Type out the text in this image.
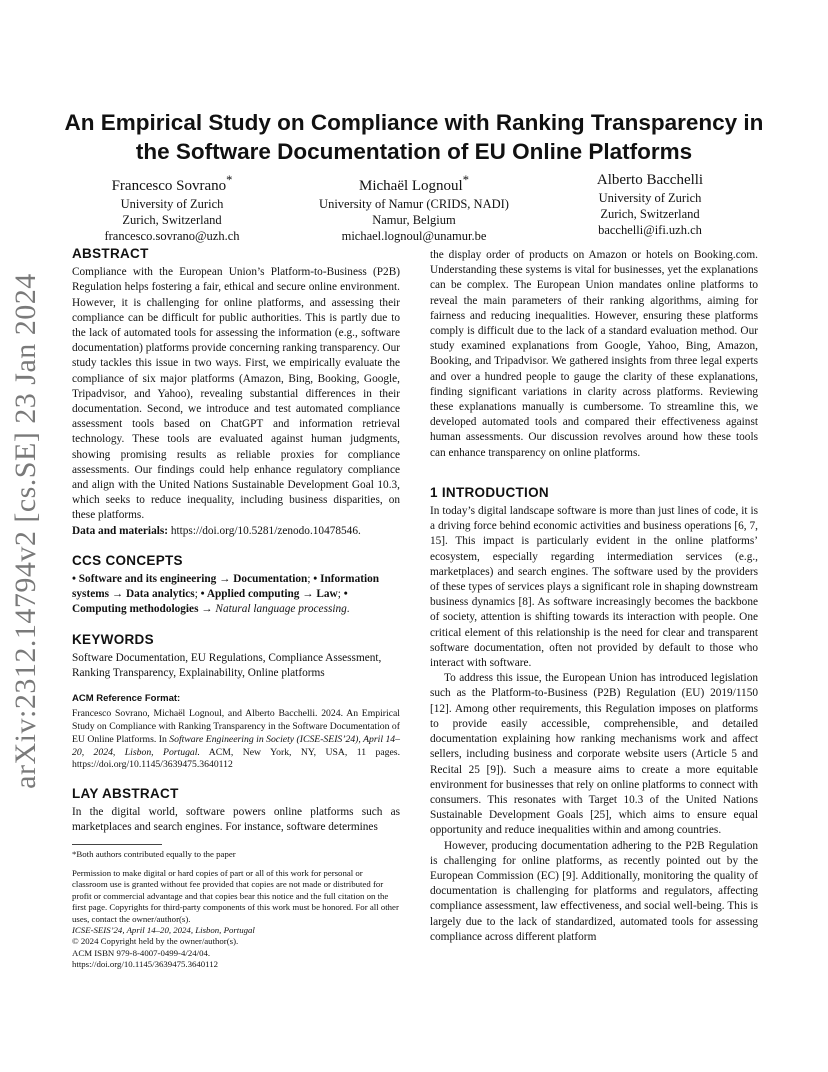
arXiv:2312.14794v2 [cs.SE] 23 Jan 2024
An Empirical Study on Compliance with Ranking Transparency in the Software Documentation of EU Online Platforms
Francesco Sovrano*
University of Zurich
Zurich, Switzerland
francesco.sovrano@uzh.ch
Michaël Lognoul*
University of Namur (CRIDS, NADI)
Namur, Belgium
michael.lognoul@unamur.be
Alberto Bacchelli
University of Zurich
Zurich, Switzerland
bacchelli@ifi.uzh.ch
ABSTRACT

Compliance with the European Union’s Platform-to-Business (P2B) Regulation helps fostering a fair, ethical and secure online environment. However, it is challenging for online platforms, and assessing their compliance can be difficult for public authorities. This is partly due to the lack of automated tools for assessing the information (e.g., software documentation) platforms provide concerning ranking transparency. Our study tackles this issue in two ways. First, we empirically evaluate the compliance of six major platforms (Amazon, Bing, Booking, Google, Tripadvisor, and Yahoo), revealing substantial differences in their documentation. Second, we introduce and test automated compliance assessment tools based on ChatGPT and information retrieval technology. These tools are evaluated against human judgments, showing promising results as reliable proxies for compliance assessments. Our findings could help enhance regulatory compliance and align with the United Nations Sustainable Development Goal 10.3, which seeks to reduce inequality, including business disparities, on these platforms.

Data and materials: https://doi.org/10.5281/zenodo.10478546.

CCS CONCEPTS

• Software and its engineering → Documentation; • Information systems → Data analytics; • Applied computing → Law; • Computing methodologies → Natural language processing.

KEYWORDS

Software Documentation, EU Regulations, Compliance Assessment, Ranking Transparency, Explainability, Online platforms

ACM Reference Format:

Francesco Sovrano, Michaël Lognoul, and Alberto Bacchelli. 2024. An Empirical Study on Compliance with Ranking Transparency in the Software Documentation of EU Online Platforms. In Software Engineering in Society (ICSE-SEIS’24), April 14–20, 2024, Lisbon, Portugal. ACM, New York, NY, USA, 11 pages. https://doi.org/10.1145/3639475.3640112

LAY ABSTRACT

In the digital world, software powers online platforms such as marketplaces and search engines. For instance, software determines

*Both authors contributed equally to the paper
Permission to make digital or hard copies of part or all of this work for personal or classroom use is granted without fee provided that copies are not made or distributed for profit or commercial advantage and that copies bear this notice and the full citation on the first page. Copyrights for third-party components of this work must be honored. For all other uses, contact the owner/author(s).
ICSE-SEIS’24, April 14–20, 2024, Lisbon, Portugal
© 2024 Copyright held by the owner/author(s).
ACM ISBN 979-8-4007-0499-4/24/04.
https://doi.org/10.1145/3639475.3640112

the display order of products on Amazon or hotels on Booking.com. Understanding these systems is vital for businesses, yet the explanations can be complex. The European Union mandates online platforms to reveal the main parameters of their ranking algorithms, aiming for fairness and reducing inequalities. However, ensuring these platforms comply is difficult due to the lack of a standard evaluation method. Our study examined explanations from Google, Yahoo, Bing, Amazon, Booking, and Tripadvisor. We gathered insights from three legal experts and over a hundred people to gauge the clarity of these explanations, finding significant variations in clarity across platforms. Reviewing these explanations manually is cumbersome. To streamline this, we developed automated tools and compared their effectiveness against human assessments. Our discussion revolves around how these tools can enhance transparency on online platforms.

1 INTRODUCTION

In today’s digital landscape software is more than just lines of code, it is a driving force behind economic activities and business operations [6, 7, 15]. This impact is particularly evident in the online platforms’ ecosystem, especially regarding intermediation services (e.g., marketplaces) and search engines. The software used by the providers of these types of services plays a significant role in shaping downstream business dynamics [8]. As software increasingly becomes the backbone of society, attention is shifting towards its interaction with people. One critical element of this relationship is the need for clear and transparent software documentation, often not provided by default to those who interact with software.

To address this issue, the European Union has introduced legislation such as the Platform-to-Business (P2B) Regulation (EU) 2019/1150 [12]. Among other requirements, this Regulation imposes on platforms to provide easily accessible, comprehensible, and detailed documentation explaining how ranking mechanisms work and affect sellers, including business and corporate website users (Article 5 and Recital 25 [9]). Such a measure aims to create a more equitable environment for businesses that rely on online platforms to connect with consumers. This resonates with Target 10.3 of the United Nations Sustainable Development Goals [25], which aims to ensure equal opportunity and reduce inequalities within and among countries.

However, producing documentation adhering to the P2B Regulation is challenging for online platforms, as recently pointed out by the European Commission (EC) [9]. Additionally, monitoring the quality of documentation is challenging for platforms and regulators, affecting compliance assessment, law effectiveness, and social well-being. This is largely due to the lack of standardized, automated tools for assessing compliance across different platform
